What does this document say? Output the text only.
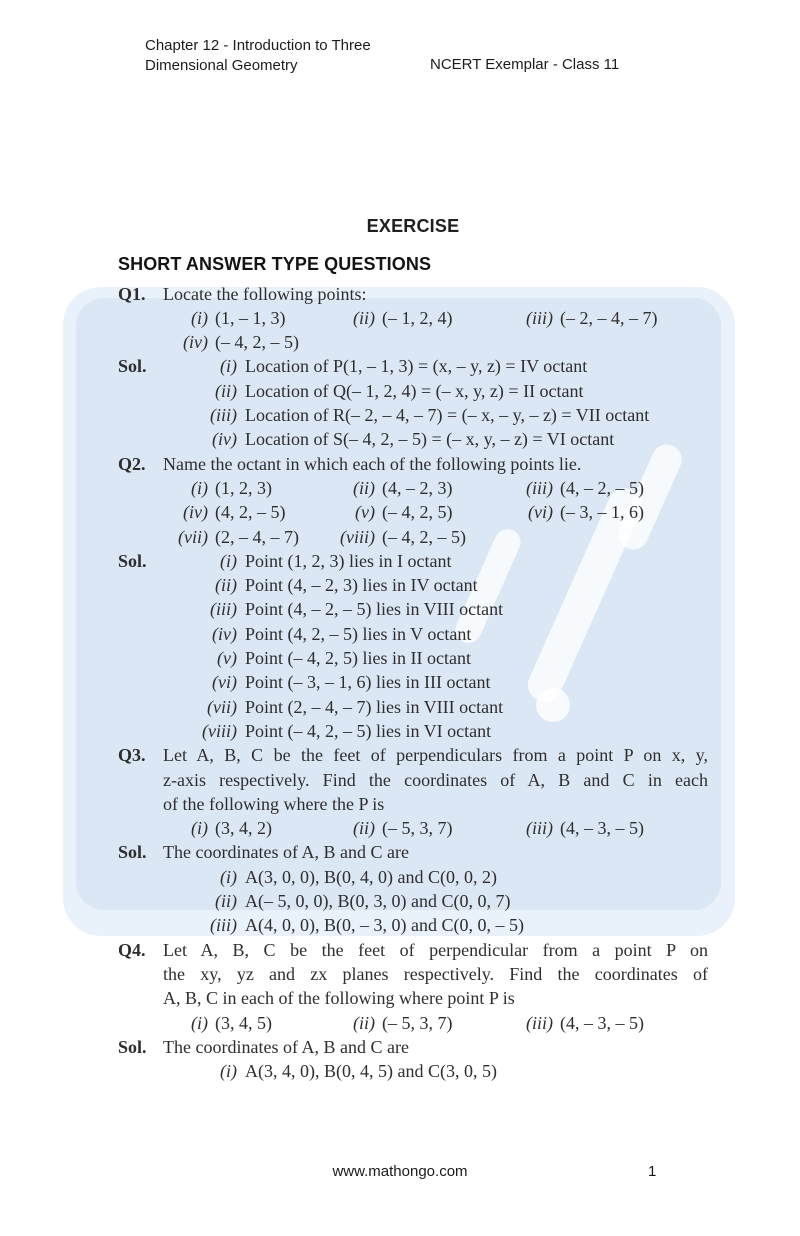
Chapter 12 - Introduction to Three
Dimensional Geometry	NCERT Exemplar - Class 11
EXERCISE
SHORT ANSWER TYPE QUESTIONS
Q1. Locate the following points:
(i) (1, – 1, 3)	(ii) (– 1, 2, 4)	(iii) (– 2, – 4, – 7)
(iv) (– 4, 2, – 5)
Sol.	(i) Location of P(1, – 1, 3) = (x, – y, z) = IV octant
(ii) Location of Q(– 1, 2, 4) = (– x, y, z) = II octant
(iii) Location of R(– 2, – 4, – 7) = (– x, – y, – z) = VII octant
(iv) Location of S(– 4, 2, – 5) = (– x, y, – z) = VI octant
Q2. Name the octant in which each of the following points lie.
(i) (1, 2, 3)	(ii) (4, – 2, 3)	(iii) (4, – 2, – 5)
(iv) (4, 2, – 5)	(v) (– 4, 2, 5)	(vi) (– 3, – 1, 6)
(vii) (2, – 4, – 7)	(viii) (– 4, 2, – 5)
Sol.	(i) Point (1, 2, 3) lies in I octant
(ii) Point (4, – 2, 3) lies in IV octant
(iii) Point (4, – 2, – 5) lies in VIII octant
(iv) Point (4, 2, – 5) lies in V octant
(v) Point (– 4, 2, 5) lies in II octant
(vi) Point (– 3, – 1, 6) lies in III octant
(vii) Point (2, – 4, – 7) lies in VIII octant
(viii) Point (– 4, 2, – 5) lies in VI octant
Q3. Let A, B, C be the feet of perpendiculars from a point P on x, y,
z-axis respectively. Find the coordinates of A, B and C in each
of the following where the P is
(i) (3, 4, 2)	(ii) (– 5, 3, 7)	(iii) (4, – 3, – 5)
Sol. The coordinates of A, B and C are
(i) A(3, 0, 0), B(0, 4, 0) and C(0, 0, 2)
(ii) A(– 5, 0, 0), B(0, 3, 0) and C(0, 0, 7)
(iii) A(4, 0, 0), B(0, – 3, 0) and C(0, 0, – 5)
Q4. Let A, B, C be the feet of perpendicular from a point P on
the xy, yz and zx planes respectively. Find the coordinates of
A, B, C in each of the following where point P is
(i) (3, 4, 5)	(ii) (– 5, 3, 7)	(iii) (4, – 3, – 5)
Sol. The coordinates of A, B and C are
(i) A(3, 4, 0), B(0, 4, 5) and C(3, 0, 5)
www.mathongo.com	1
